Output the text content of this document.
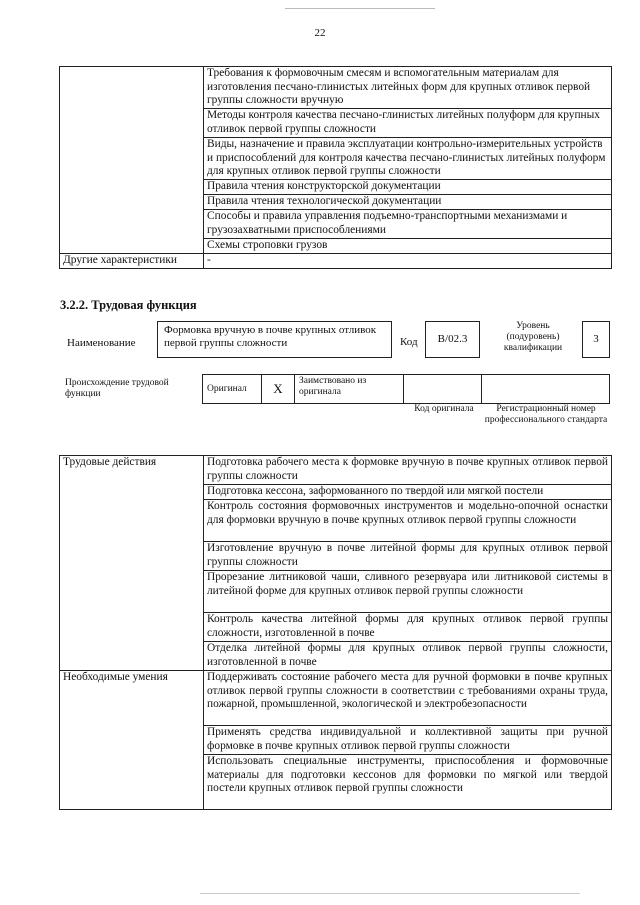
22
	Требования к формовочным смесям и вспомогательным материалам для изготовления песчано-глинистых литейных форм для крупных отливок первой группы сложности вручную
	Методы контроля качества песчано-глинистых литейных полуформ для крупных отливок первой группы сложности
	Виды, назначение и правила эксплуатации контрольно-измерительных устройств и приспособлений для контроля качества песчано-глинистых литейных полуформ для крупных отливок первой группы сложности
	Правила чтения конструкторской документации
	Правила чтения технологической документации
	Способы и правила управления подъемно-транспортными механизмами и грузозахватными приспособлениями
	Схемы строповки грузов
Другие характеристики	-
3.2.2. Трудовая функция
Наименование
Формовка вручную в почве крупных отливок первой группы сложности	Код	B/02.3
Уровень (подуровень) квалификации
3
Происхождение трудовой функции	Оригинал	X	Заимствовано из оригинала
Код оригинала	Регистрационный номер профессионального стандарта
Трудовые действия	Подготовка рабочего места к формовке вручную в почве крупных отливок первой группы сложности
	Подготовка кессона, заформованного по твердой или мягкой постели
	Контроль состояния формовочных инструментов и модельно-опочной оснастки для формовки вручную в почве крупных отливок первой группы сложности
	Изготовление вручную в почве литейной формы для крупных отливок первой группы сложности
	Прорезание литниковой чаши, сливного резервуара или литниковой системы в литейной форме для крупных отливок первой группы сложности
	Контроль качества литейной формы для крупных отливок первой группы сложности, изготовленной в почве
	Отделка литейной формы для крупных отливок первой группы сложности, изготовленной в почве
Необходимые умения	Поддерживать состояние рабочего места для ручной формовки в почве крупных отливок первой группы сложности в соответствии с требованиями охраны труда, пожарной, промышленной, экологической и электробезопасности
	Применять средства индивидуальной и коллективной защиты при ручной формовке в почве крупных отливок первой группы сложности
	Использовать специальные инструменты, приспособления и формовочные материалы для подготовки кессонов для формовки по мягкой или твердой постели крупных отливок первой группы сложности
